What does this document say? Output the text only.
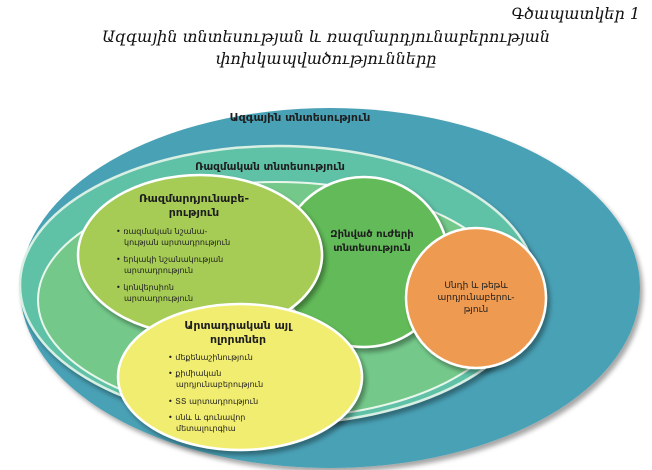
Գծապատկեր 1
Ազգային տնտեսության և ռազմարդյունաբերության
փոխկապվածությունները
Ազգային տնտեսություն
Ռազմական տնտեսություն
Զինված ուժերի
տնտեսություն
Ռազմարդյունաբե-
րություն
• ռազմական նշանա-
կության արտադրություն
• երկակի նշանակության
արտադրություն
• կոնվերսիոն
արտադրություն
Սնդի և թեթև
արդյունաբերու-
թյուն
Արտադրական այլ
ոլորտներ
• մեքենաշինություն
• քիմիական
արդյունաբերություն
• ՏՏ արտադրություն
• սնև և գունավոր
մետալուրգիա
